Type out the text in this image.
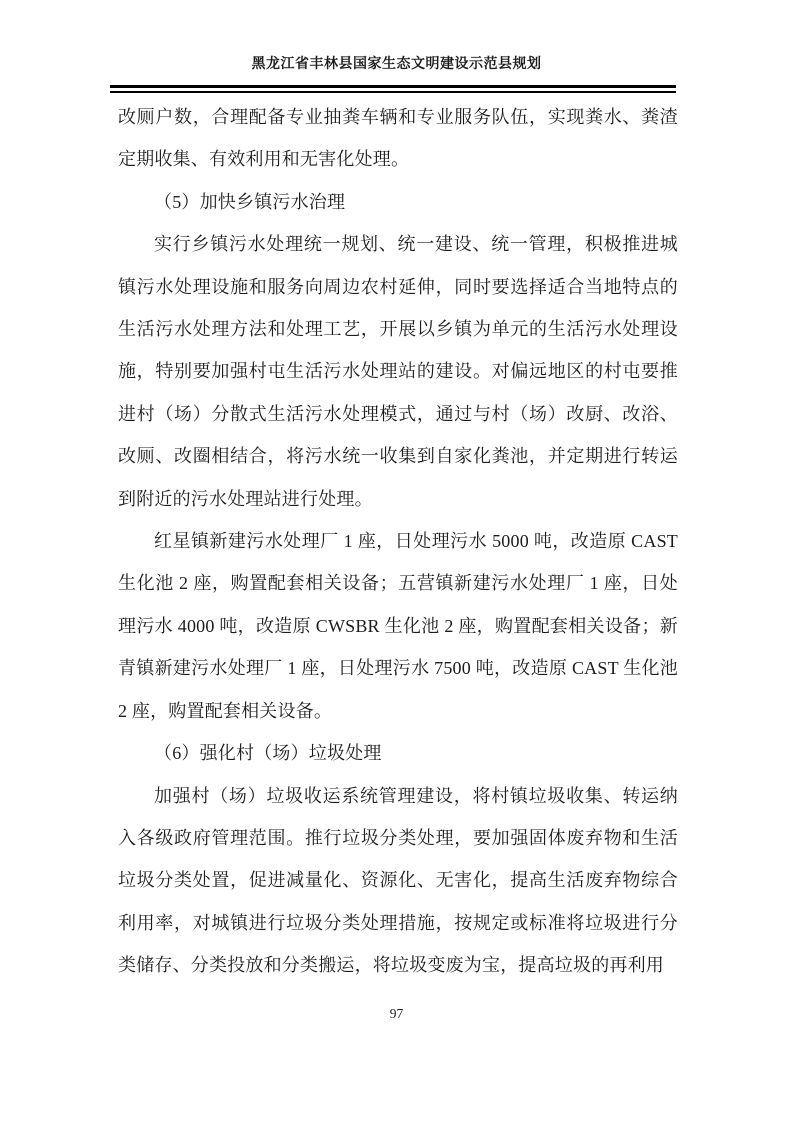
黑龙江省丰林县国家生态文明建设示范县规划

改厕户数，合理配备专业抽粪车辆和专业服务队伍，实现粪水、粪渣定期收集、有效利用和无害化处理。

（5）加快乡镇污水治理

实行乡镇污水处理统一规划、统一建设、统一管理，积极推进城镇污水处理设施和服务向周边农村延伸，同时要选择适合当地特点的生活污水处理方法和处理工艺，开展以乡镇为单元的生活污水处理设施，特别要加强村屯生活污水处理站的建设。对偏远地区的村屯要推进村（场）分散式生活污水处理模式，通过与村（场）改厨、改浴、改厕、改圈相结合，将污水统一收集到自家化粪池，并定期进行转运到附近的污水处理站进行处理。

红星镇新建污水处理厂 1 座，日处理污水 5000 吨，改造原 CAST 生化池 2 座，购置配套相关设备；五营镇新建污水处理厂 1 座，日处理污水 4000 吨，改造原 CWSBR 生化池 2 座，购置配套相关设备；新青镇新建污水处理厂 1 座，日处理污水 7500 吨，改造原 CAST 生化池 2 座，购置配套相关设备。

（6）强化村（场）垃圾处理

加强村（场）垃圾收运系统管理建设，将村镇垃圾收集、转运纳入各级政府管理范围。推行垃圾分类处理，要加强固体废弃物和生活垃圾分类处置，促进减量化、资源化、无害化，提高生活废弃物综合利用率，对城镇进行垃圾分类处理措施，按规定或标准将垃圾进行分类储存、分类投放和分类搬运，将垃圾变废为宝，提高垃圾的再利用

97
